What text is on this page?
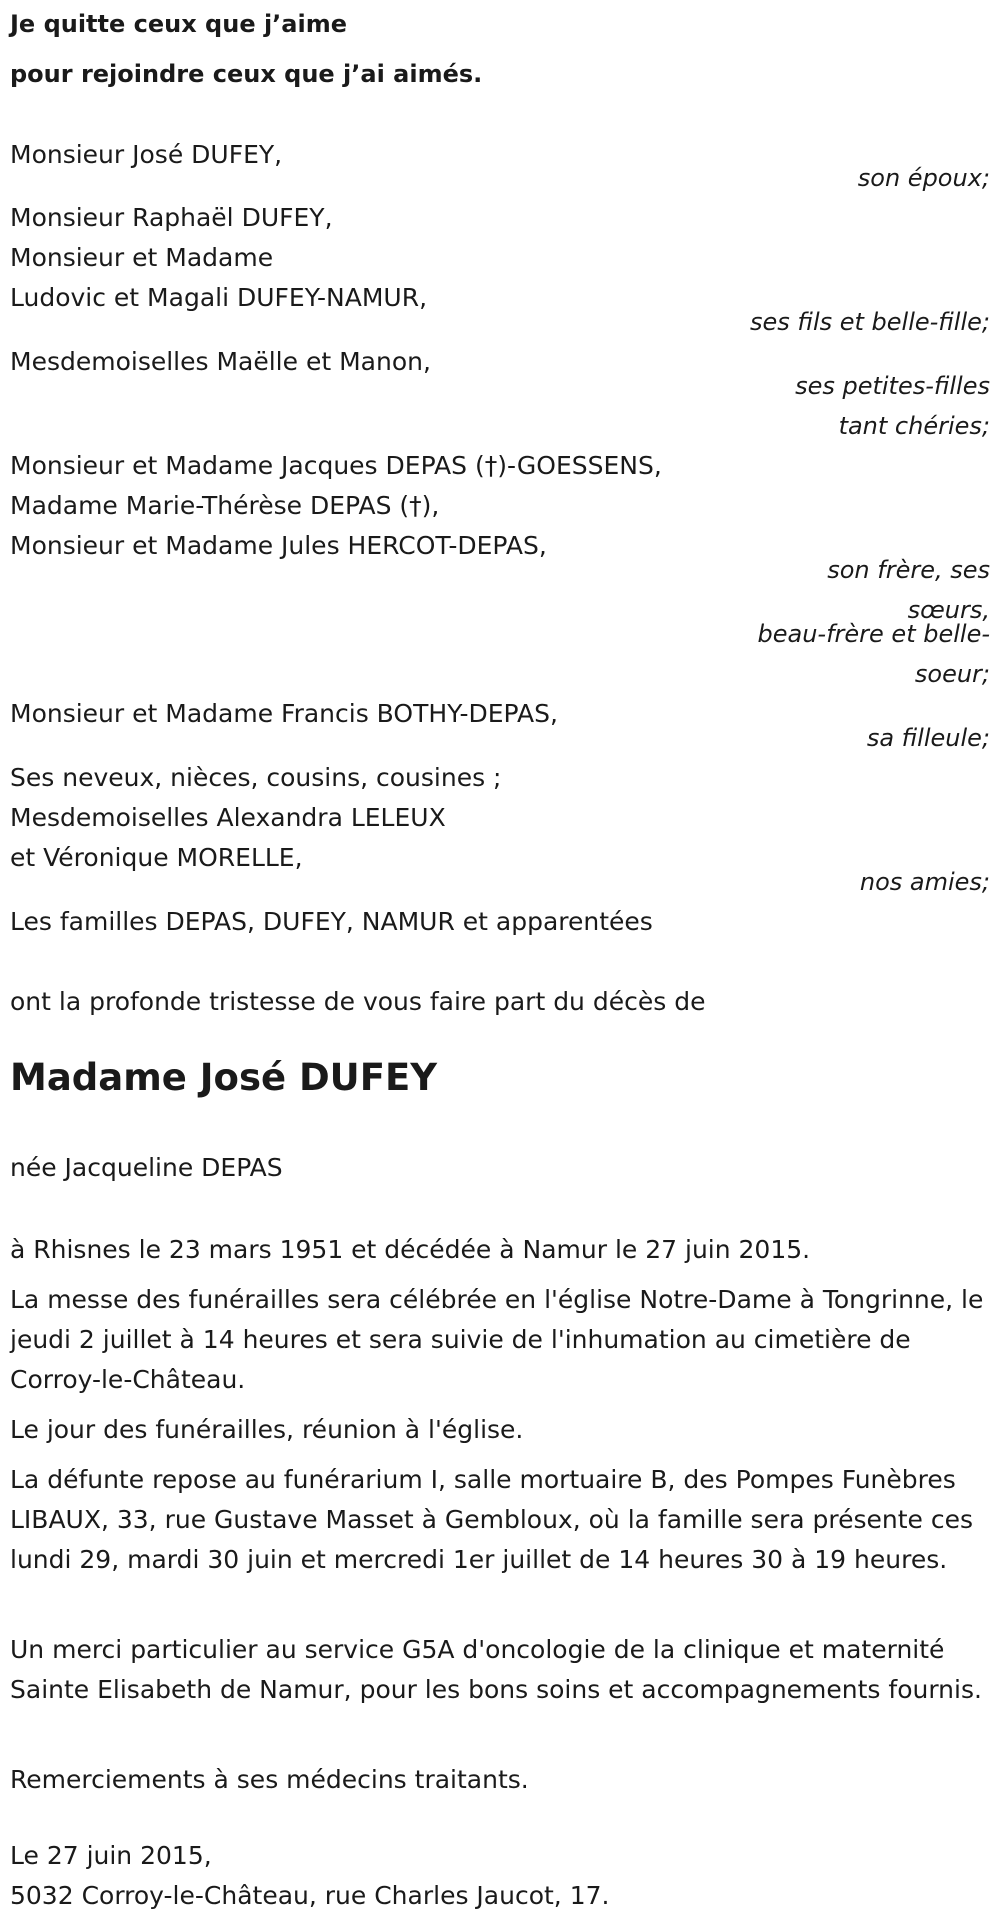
Je quitte ceux que j’aime
pour rejoindre ceux que j’ai aimés.
Monsieur José DUFEY,
son époux;
Monsieur Raphaël DUFEY,
Monsieur et Madame
Ludovic et Magali DUFEY-NAMUR,
ses fils et belle-fille;
Mesdemoiselles Maëlle et Manon,
ses petites-filles
tant chéries;
Monsieur et Madame Jacques DEPAS (†)-GOESSENS,
Madame Marie-Thérèse DEPAS (†),
Monsieur et Madame Jules HERCOT-DEPAS,
son frère, ses
sœurs,
beau-frère et belle-
soeur;
Monsieur et Madame Francis BOTHY-DEPAS,
sa filleule;
Ses neveux, nièces, cousins, cousines ;
Mesdemoiselles Alexandra LELEUX
et Véronique MORELLE,
nos amies;
Les familles DEPAS, DUFEY, NAMUR et apparentées
ont la profonde tristesse de vous faire part du décès de
Madame José DUFEY
née Jacqueline DEPAS
à Rhisnes le 23 mars 1951 et décédée à Namur le 27 juin 2015.
La messe des funérailles sera célébrée en l'église Notre-Dame à Tongrinne, le jeudi 2 juillet à 14 heures et sera suivie de l'inhumation au cimetière de Corroy-le-Château.
Le jour des funérailles, réunion à l'église.
La défunte repose au funérarium I, salle mortuaire B, des Pompes Funèbres LIBAUX, 33, rue Gustave Masset à Gembloux, où la famille sera présente ces lundi 29, mardi 30 juin et mercredi 1er juillet de 14 heures 30 à 19 heures.
Un merci particulier au service G5A d'oncologie de la clinique et maternité Sainte Elisabeth de Namur, pour les bons soins et accompagnements fournis.
Remerciements à ses médecins traitants.
Le 27 juin 2015,
5032 Corroy-le-Château, rue Charles Jaucot, 17.
